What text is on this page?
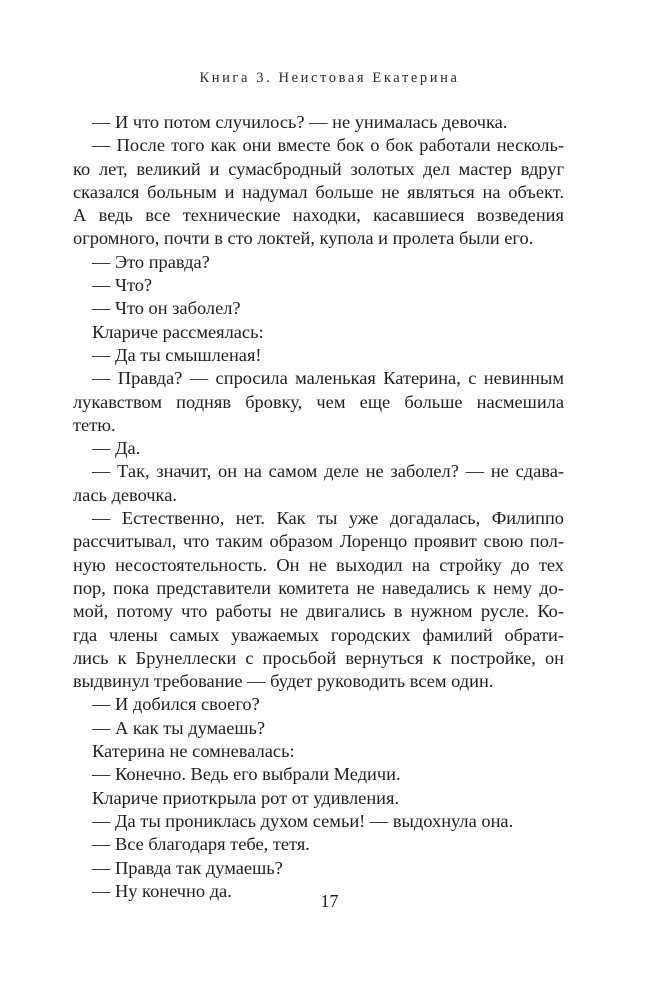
Книга 3. Неистовая Екатерина
— И что потом случилось? — не унималась девочка.
— После того как они вместе бок о бок работали несколь-
ко лет, великий и сумасбродный золотых дел мастер вдруг
сказался больным и надумал больше не являться на объект.
А ведь все технические находки, касавшиеся возведения
огромного, почти в сто локтей, купола и пролета были его.
— Это правда?
— Что?
— Что он заболел?
Клариче рассмеялась:
— Да ты смышленая!
— Правда? — спросила маленькая Катерина, с невинным
лукавством подняв бровку, чем еще больше насмешила
тетю.
— Да.
— Так, значит, он на самом деле не заболел? — не сдава-
лась девочка.
— Естественно, нет. Как ты уже догадалась, Филиппо
рассчитывал, что таким образом Лоренцо проявит свою пол-
ную несостоятельность. Он не выходил на стройку до тех
пор, пока представители комитета не наведались к нему до-
мой, потому что работы не двигались в нужном русле. Ко-
гда члены самых уважаемых городских фамилий обрати-
лись к Брунеллески с просьбой вернуться к постройке, он
выдвинул требование — будет руководить всем один.
— И добился своего?
— А как ты думаешь?
Катерина не сомневалась:
— Конечно. Ведь его выбрали Медичи.
Клариче приоткрыла рот от удивления.
— Да ты прониклась духом семьи! — выдохнула она.
— Все благодаря тебе, тетя.
— Правда так думаешь?
— Ну конечно да.
17
